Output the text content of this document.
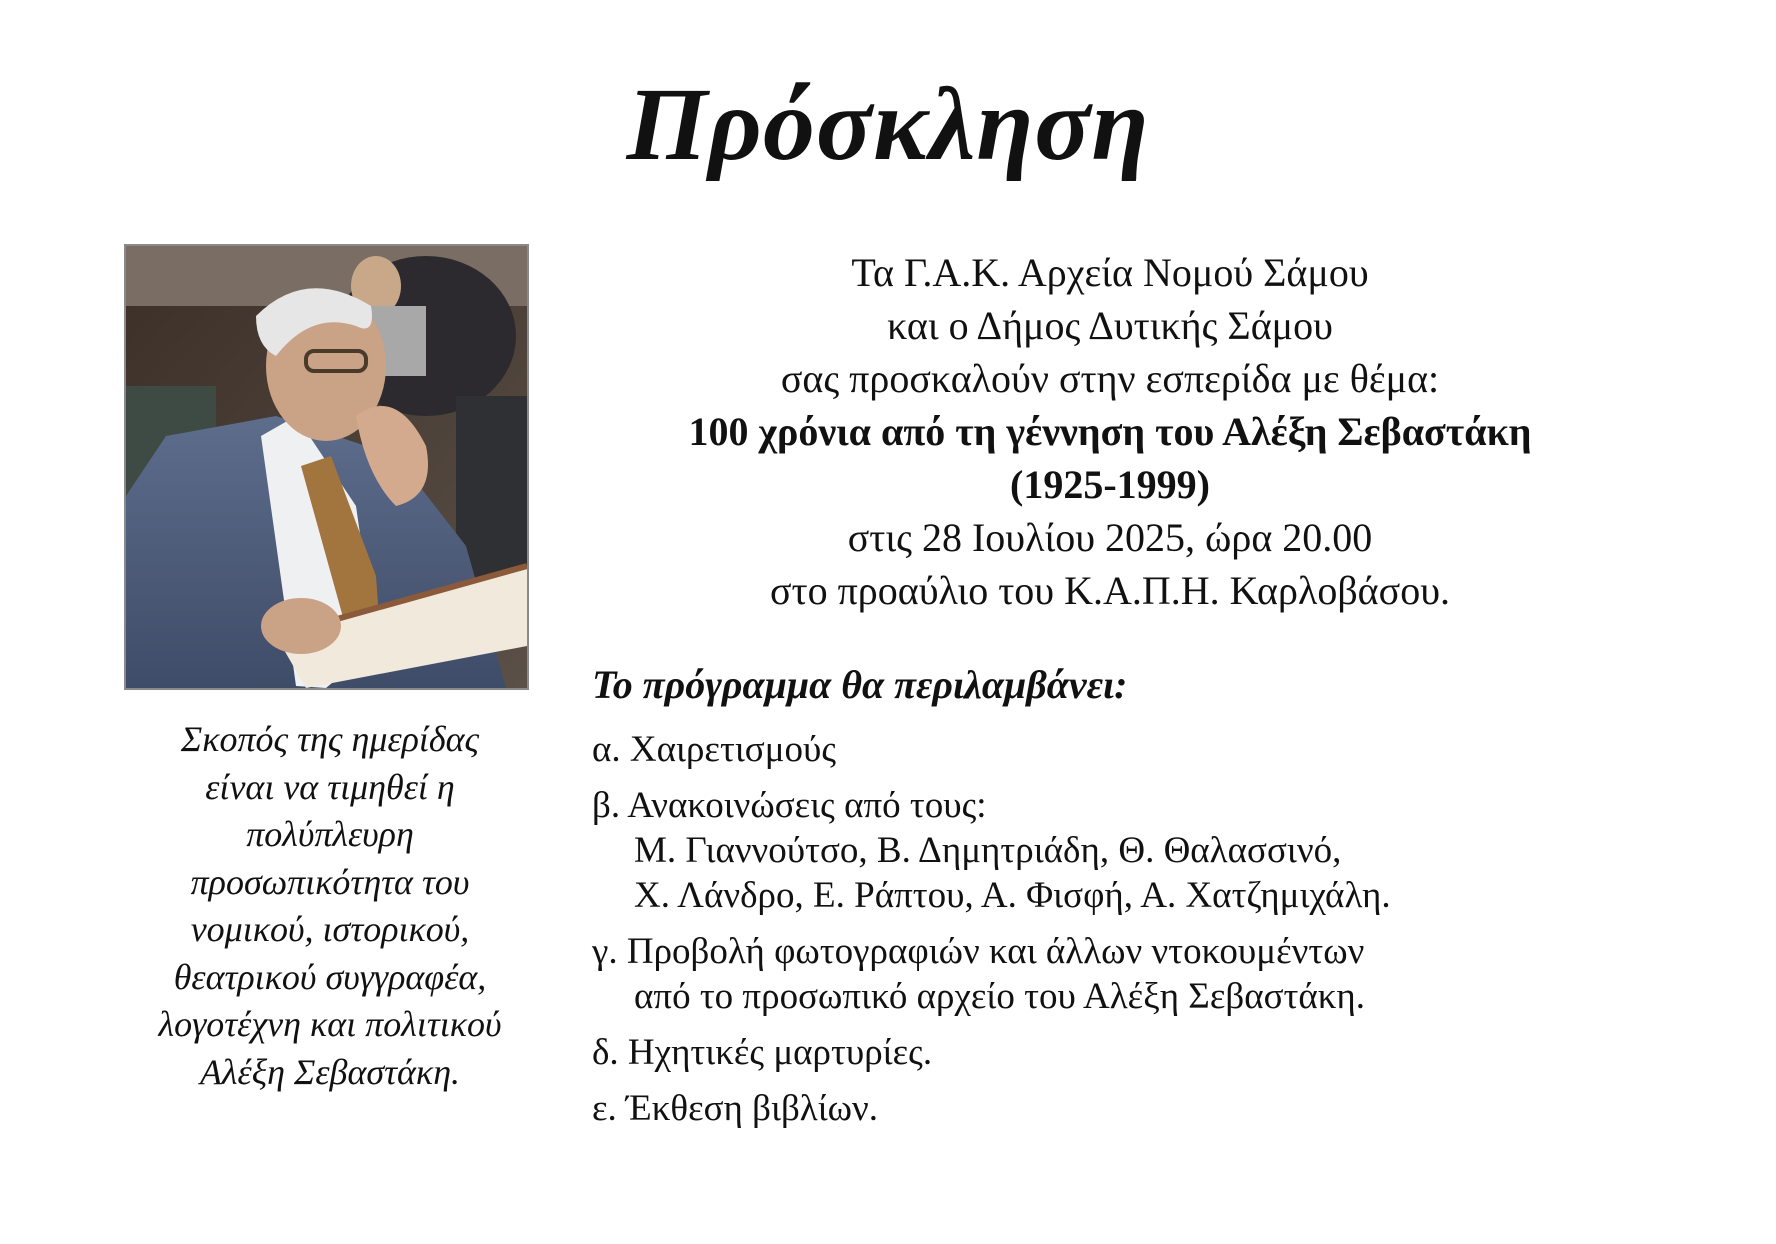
Πρόσκληση
Σκοπός της ημερίδας
είναι να τιμηθεί η
πολύπλευρη
προσωπικότητα του
νομικού, ιστορικού,
θεατρικού συγγραφέα,
λογοτέχνη και πολιτικού
Αλέξη Σεβαστάκη.
Τα Γ.Α.Κ. Αρχεία Νομού Σάμου
και ο Δήμος Δυτικής Σάμου
σας προσκαλούν στην εσπερίδα με θέμα:
100 χρόνια από τη γέννηση του Αλέξη Σεβαστάκη
(1925-1999)
στις 28 Ιουλίου 2025, ώρα 20.00
στο προαύλιο του Κ.Α.Π.Η. Καρλοβάσου.
Το πρόγραμμα θα περιλαμβάνει:
α. Χαιρετισμούς
β. Ανακοινώσεις από τους:
Μ. Γιαννούτσο, Β. Δημητριάδη, Θ. Θαλασσινό,
Χ. Λάνδρο, Ε. Ράπτου, Α. Φισφή, Α. Χατζημιχάλη.
γ. Προβολή φωτογραφιών και άλλων ντοκουμέντων
από το προσωπικό αρχείο του Αλέξη Σεβαστάκη.
δ. Ηχητικές μαρτυρίες.
ε. Έκθεση βιβλίων.
